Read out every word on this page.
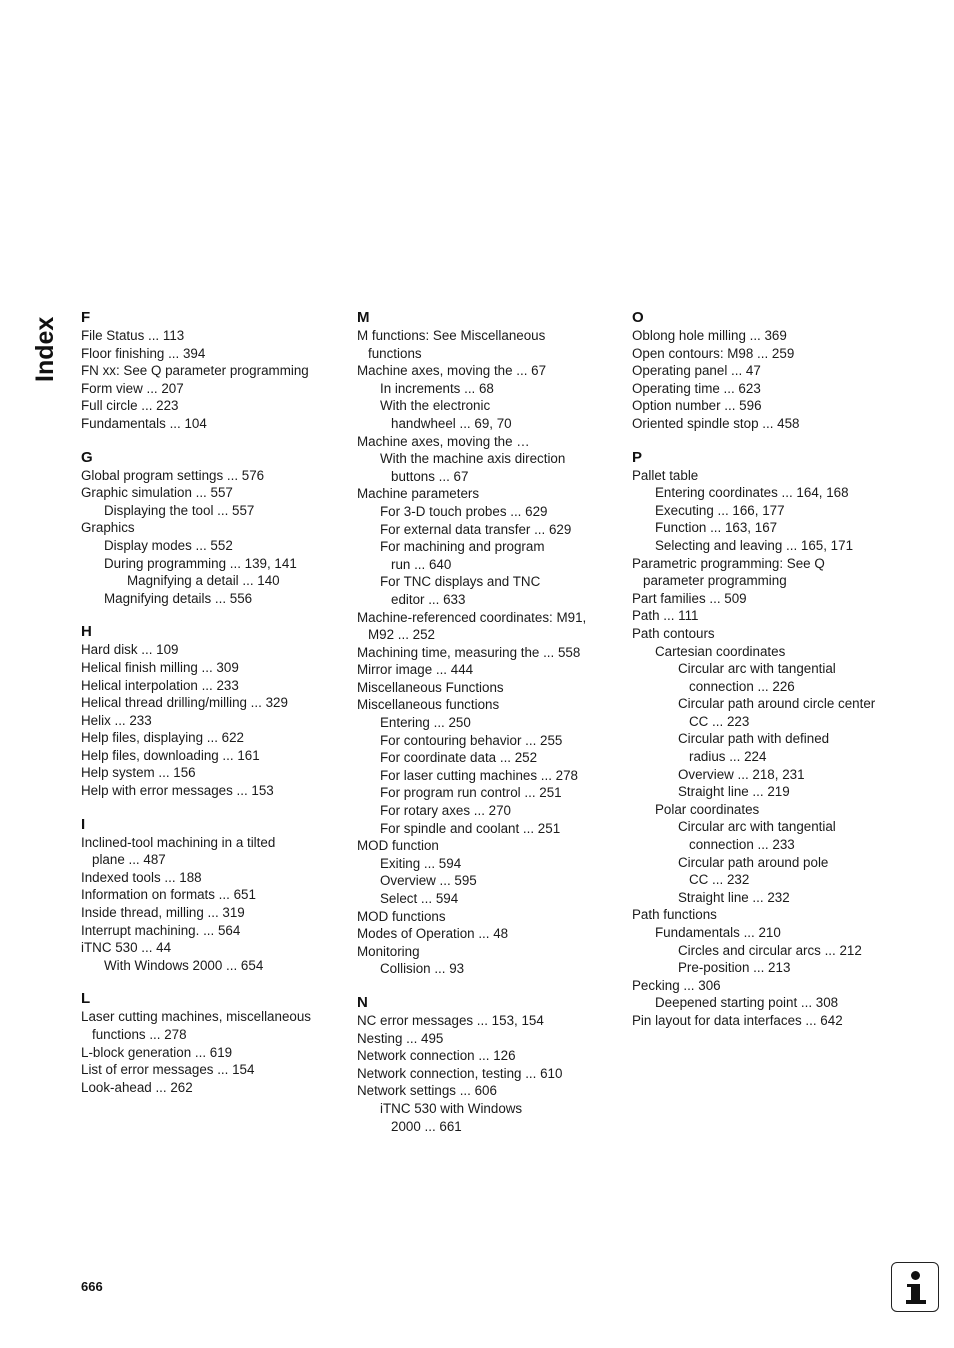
Index F
File Status ... 113
Floor finishing ... 394
FN xx: See Q parameter programming
Form view ... 207
Full circle ... 223
Fundamentals ... 104
G
Global program settings ... 576
Graphic simulation ... 557
Displaying the tool ... 557
Graphics
Display modes ... 552
During programming ... 139, 141
Magnifying a detail ... 140
Magnifying details ... 556
H
Hard disk ... 109
Helical finish milling ... 309
Helical interpolation ... 233
Helical thread drilling/milling ... 329
Helix ... 233
Help files, displaying ... 622
Help files, downloading ... 161
Help system ... 156
Help with error messages ... 153
I
Inclined-tool machining in a tilted
plane ... 487
Indexed tools ... 188
Information on formats ... 651
Inside thread, milling ... 319
Interrupt machining. ... 564
iTNC 530 ... 44
With Windows 2000 ... 654
L
Laser cutting machines, miscellaneous
functions ... 278
L-block generation ... 619
List of error messages ... 154
Look-ahead ... 262
M
M functions: See Miscellaneous
functions
Machine axes, moving the ... 67
In increments ... 68
With the electronic
handwheel ... 69, 70
Machine axes, moving the …
With the machine axis direction
buttons ... 67
Machine parameters
For 3-D touch probes ... 629
For external data transfer ... 629
For machining and program
run ... 640
For TNC displays and TNC
editor ... 633
Machine-referenced coordinates: M91,
M92 ... 252
Machining time, measuring the ... 558
Mirror image ... 444
Miscellaneous Functions
Miscellaneous functions
Entering ... 250
For contouring behavior ... 255
For coordinate data ... 252
For laser cutting machines ... 278
For program run control ... 251
For rotary axes ... 270
For spindle and coolant ... 251
MOD function
Exiting ... 594
Overview ... 595
Select ... 594
MOD functions
Modes of Operation ... 48
Monitoring
Collision ... 93
N
NC error messages ... 153, 154
Nesting ... 495
Network connection ... 126
Network connection, testing ... 610
Network settings ... 606
iTNC 530 with Windows
2000 ... 661
O
Oblong hole milling ... 369
Open contours: M98 ... 259
Operating panel ... 47
Operating time ... 623
Option number ... 596
Oriented spindle stop ... 458
P
Pallet table
Entering coordinates ... 164, 168
Executing ... 166, 177
Function ... 163, 167
Selecting and leaving ... 165, 171
Parametric programming: See Q
parameter programming
Part families ... 509
Path ... 111
Path contours
Cartesian coordinates
Circular arc with tangential
connection ... 226
Circular path around circle center
CC ... 223
Circular path with defined
radius ... 224
Overview ... 218, 231
Straight line ... 219
Polar coordinates
Circular arc with tangential
connection ... 233
Circular path around pole
CC ... 232
Straight line ... 232
Path functions
Fundamentals ... 210
Circles and circular arcs ... 212
Pre-position ... 213
Pecking ... 306
Deepened starting point ... 308
Pin layout for data interfaces ... 642
666
